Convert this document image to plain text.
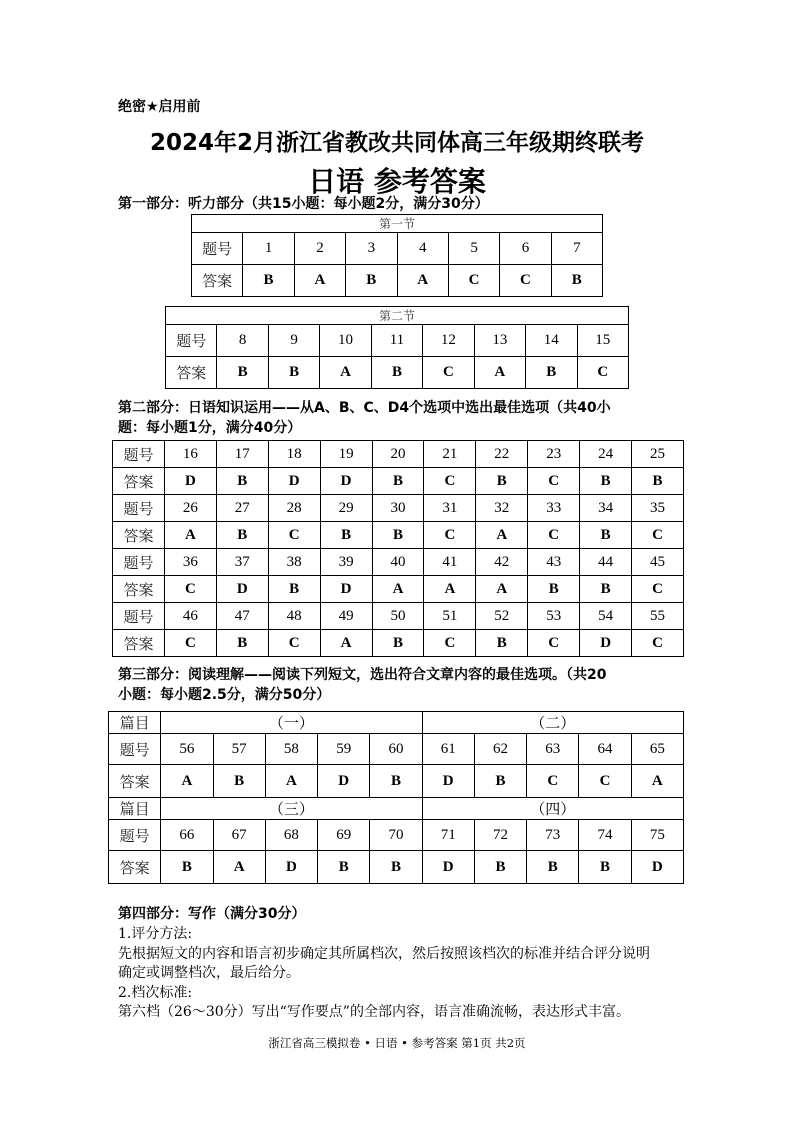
绝密★启用前
2024年2月浙江省教改共同体高三年级期终联考
日语 参考答案
第一部分：听力部分（共15小题：每小题2分，满分30分）
第一节							
题号	1	2	3	4	5	6	7
答案	B	A	B	A	C	C	B
第二节								
题号	8	9	10	11	12	13	14	15
答案	B	B	A	B	C	A	B	C
第二部分：日语知识运用——从A、B、C、D4个选项中选出最佳选项（共40小
题：每小题1分，满分40分）
题号	16	17	18	19	20	21	22	23	24	25
答案	D	B	D	D	B	C	B	C	B	B
题号	26	27	28	29	30	31	32	33	34	35
答案	A	B	C	B	B	C	A	C	B	C
题号	36	37	38	39	40	41	42	43	44	45
答案	C	D	B	D	A	A	A	B	B	C
题号	46	47	48	49	50	51	52	53	54	55
答案	C	B	C	A	B	C	B	C	D	C
第三部分：阅读理解——阅读下列短文，选出符合文章内容的最佳选项。（共20
小题：每小题2.5分，满分50分）
篇目	（一）					（二）				
题号	56	57	58	59	60	61	62	63	64	65
答案	A	B	A	D	B	D	B	C	C	A
篇目	（三）					（四）				
题号	66	67	68	69	70	71	72	73	74	75
答案	B	A	D	B	B	D	B	B	B	D
第四部分：写作（满分30分）
1.评分方法:
先根据短文的内容和语言初步确定其所属档次，然后按照该档次的标准并结合评分说明
确定或调整档次，最后给分。
2.档次标准:
第六档（26～30分）写出“写作要点”的全部内容，语言准确流畅，表达形式丰富。
浙江省高三模拟卷 • 日语 • 参考答案 第1页 共2页
